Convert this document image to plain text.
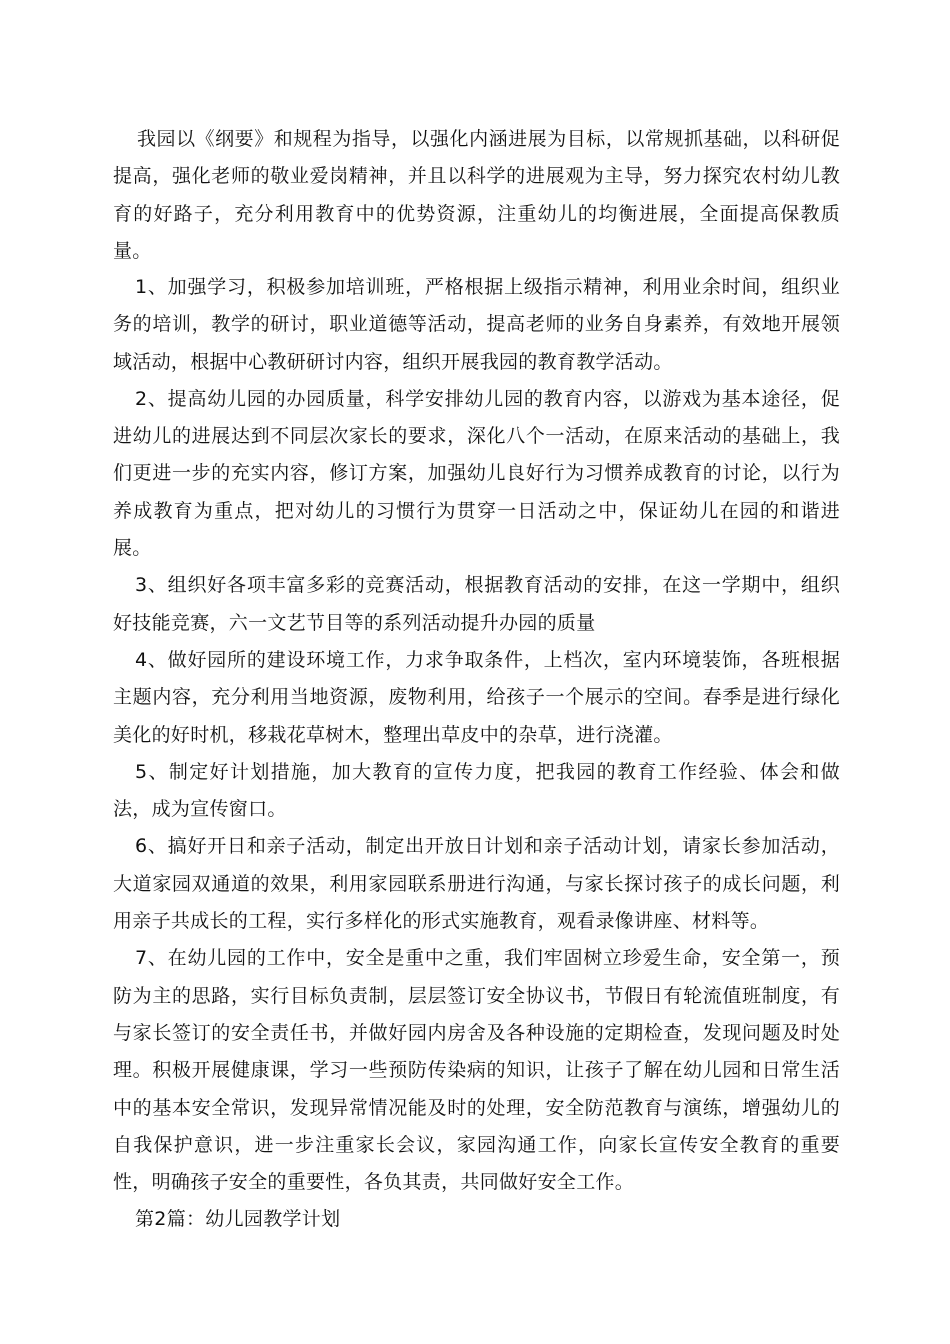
我园以《纲要》和规程为指导，以强化内涵进展为目标，以常规抓基础，以科研促提高，强化老师的敬业爱岗精神，并且以科学的进展观为主导，努力探究农村幼儿教育的好路子，充分利用教育中的优势资源，注重幼儿的均衡进展，全面提高保教质量。

1、加强学习，积极参加培训班，严格根据上级指示精神，利用业余时间，组织业务的培训，教学的研讨，职业道德等活动，提高老师的业务自身素养，有效地开展领域活动，根据中心教研研讨内容，组织开展我园的教育教学活动。

2、提高幼儿园的办园质量，科学安排幼儿园的教育内容，以游戏为基本途径，促进幼儿的进展达到不同层次家长的要求，深化八个一活动，在原来活动的基础上，我们更进一步的充实内容，修订方案，加强幼儿良好行为习惯养成教育的讨论，以行为养成教育为重点，把对幼儿的习惯行为贯穿一日活动之中，保证幼儿在园的和谐进展。

3、组织好各项丰富多彩的竞赛活动，根据教育活动的安排，在这一学期中，组织好技能竞赛，六一文艺节目等的系列活动提升办园的质量

4、做好园所的建设环境工作，力求争取条件，上档次，室内环境装饰，各班根据主题内容，充分利用当地资源，废物利用，给孩子一个展示的空间。春季是进行绿化美化的好时机，移栽花草树木，整理出草皮中的杂草，进行浇灌。

5、制定好计划措施，加大教育的宣传力度，把我园的教育工作经验、体会和做法，成为宣传窗口。

6、搞好开日和亲子活动，制定出开放日计划和亲子活动计划，请家长参加活动，大道家园双通道的效果，利用家园联系册进行沟通，与家长探讨孩子的成长问题，利用亲子共成长的工程，实行多样化的形式实施教育，观看录像讲座、材料等。

7、在幼儿园的工作中，安全是重中之重，我们牢固树立珍爱生命，安全第一，预防为主的思路，实行目标负责制，层层签订安全协议书，节假日有轮流值班制度，有与家长签订的安全责任书，并做好园内房舍及各种设施的定期检查，发现问题及时处理。积极开展健康课，学习一些预防传染病的知识，让孩子了解在幼儿园和日常生活中的基本安全常识，发现异常情况能及时的处理，安全防范教育与演练，增强幼儿的自我保护意识，进一步注重家长会议，家园沟通工作，向家长宣传安全教育的重要性，明确孩子安全的重要性，各负其责，共同做好安全工作。

第2篇：幼儿园教学计划
